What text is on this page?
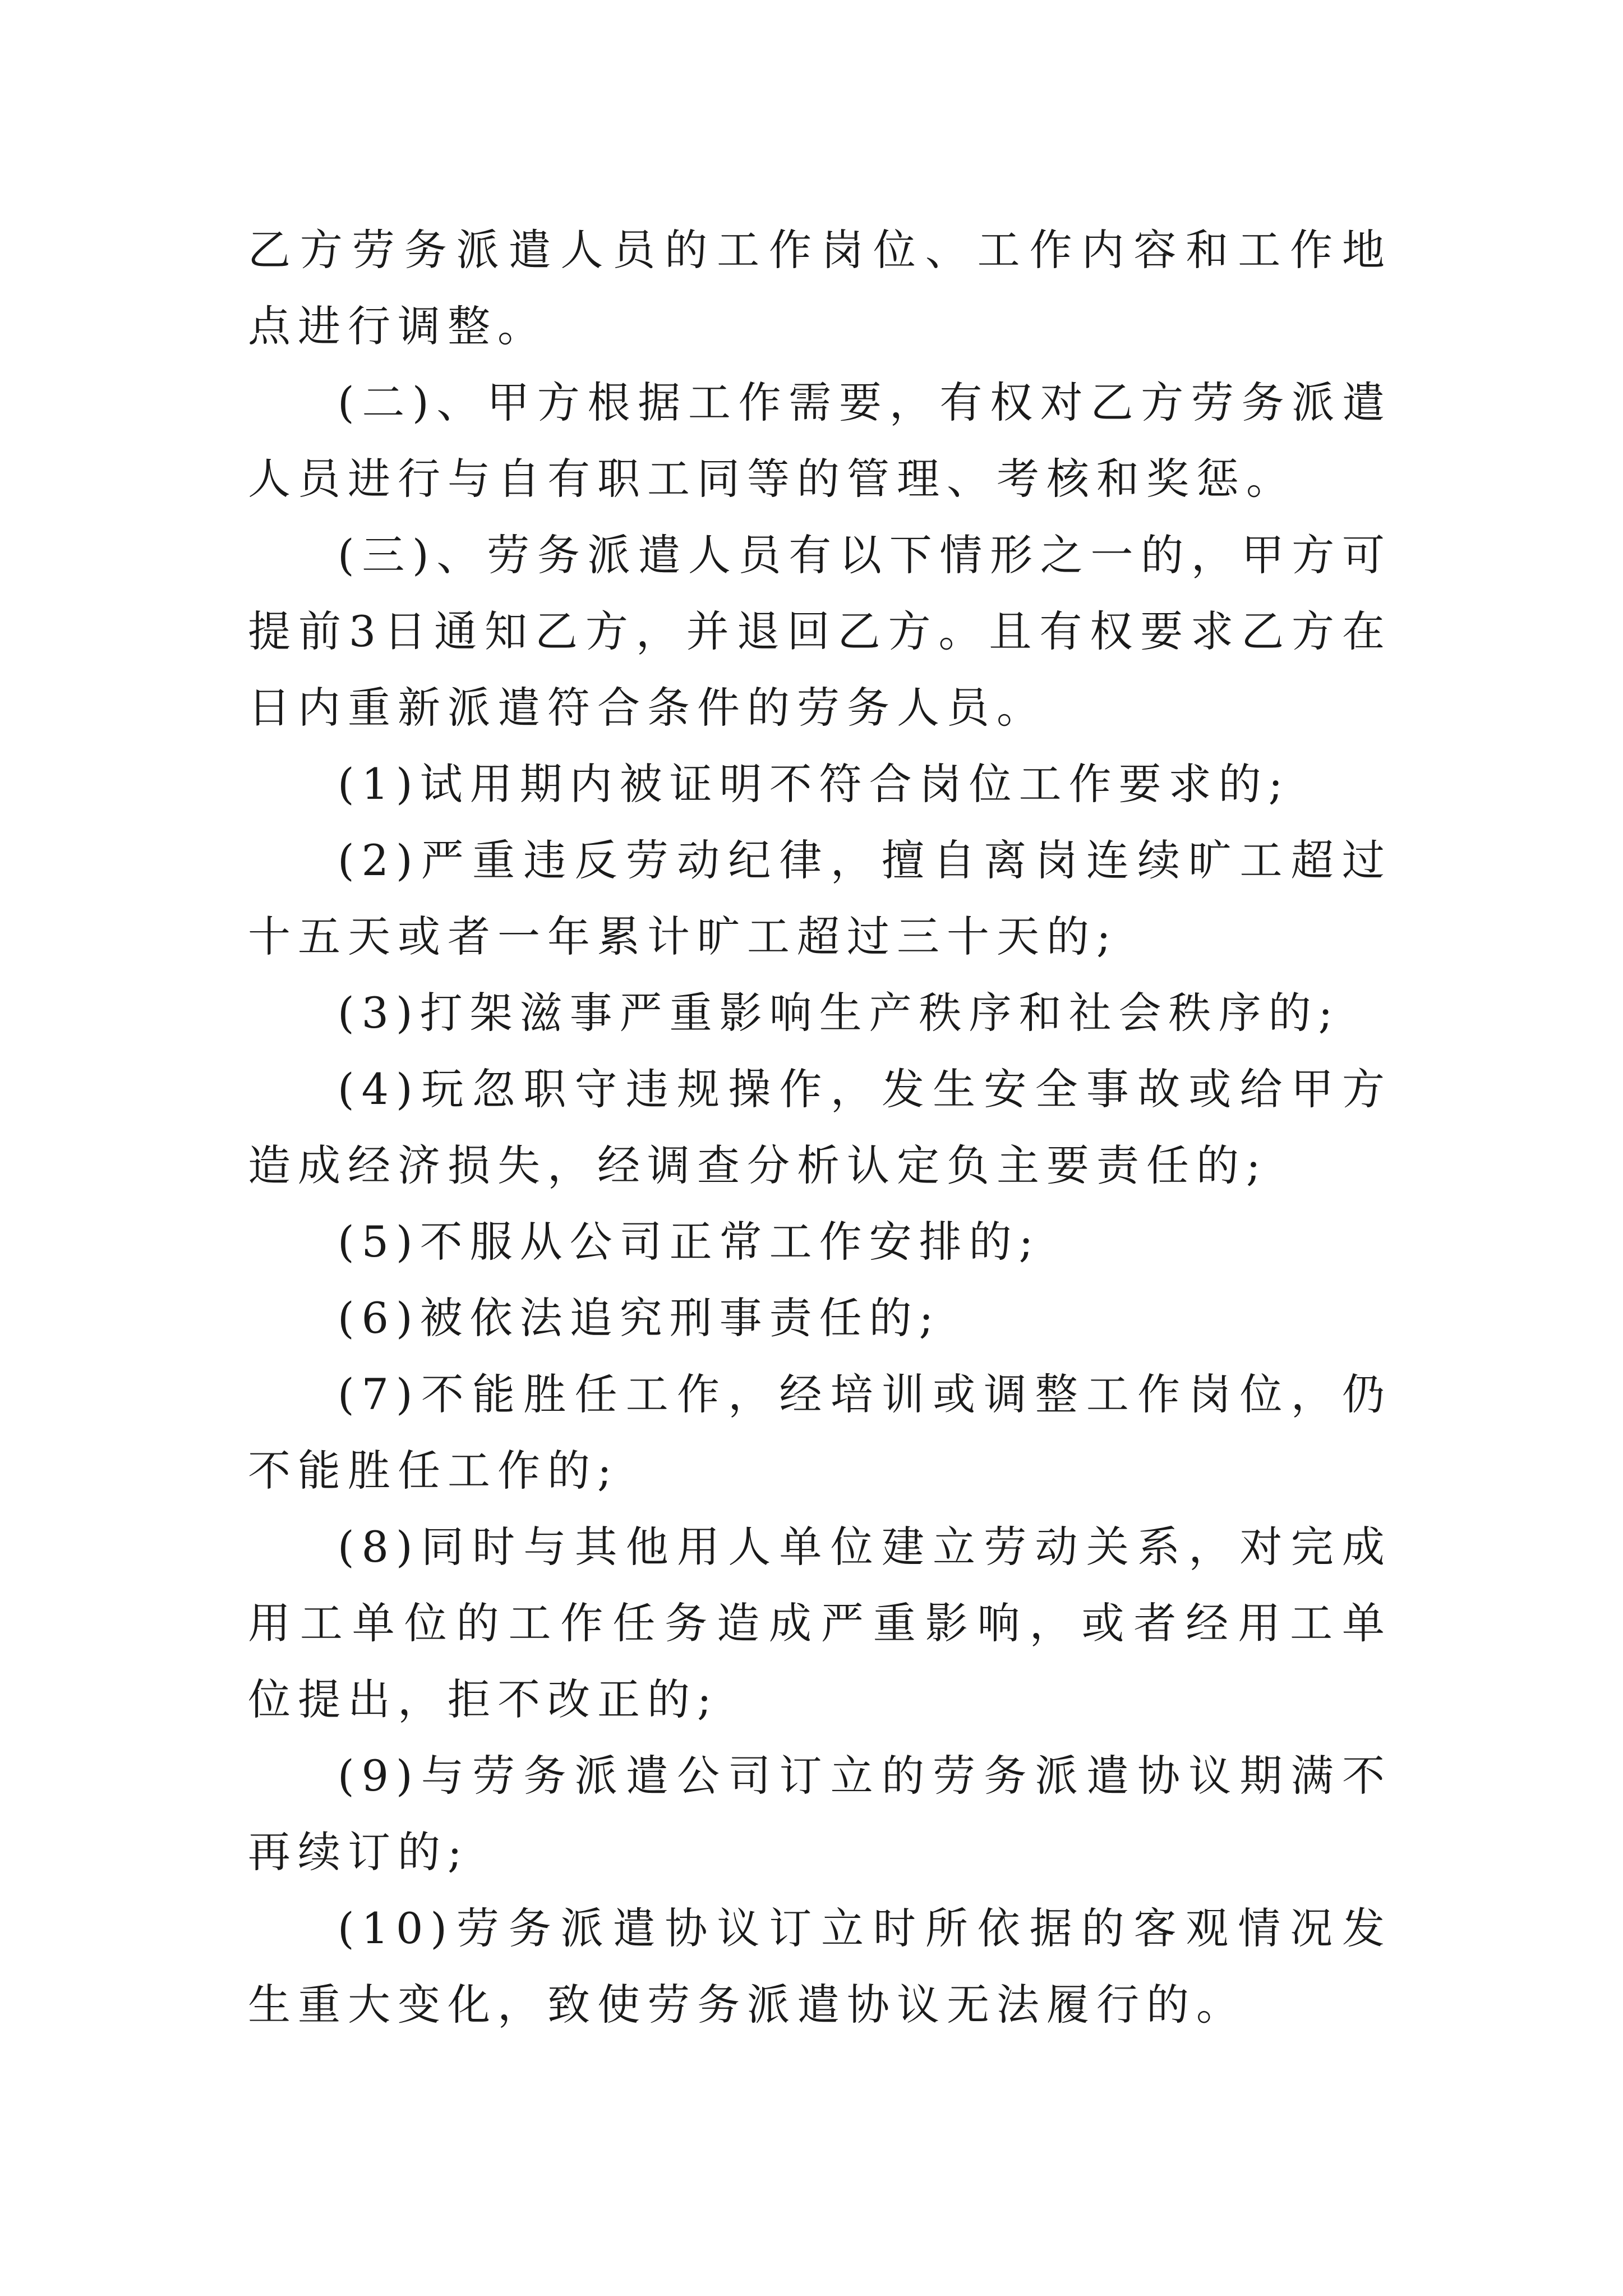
乙方劳务派遣人员的工作岗位、工作内容和工作地点进行调整。

(二)、甲方根据工作需要，有权对乙方劳务派遣人员进行与自有职工同等的管理、考核和奖惩。

(三)、劳务派遣人员有以下情形之一的，甲方可提前3日通知乙方，并退回乙方。且有权要求乙方在 日内重新派遣符合条件的劳务人员。

(1)试用期内被证明不符合岗位工作要求的;

(2)严重违反劳动纪律，擅自离岗连续旷工超过十五天或者一年累计旷工超过三十天的;

(3)打架滋事严重影响生产秩序和社会秩序的;

(4)玩忽职守违规操作，发生安全事故或给甲方造成经济损失，经调查分析认定负主要责任的;

(5)不服从公司正常工作安排的;

(6)被依法追究刑事责任的;

(7)不能胜任工作，经培训或调整工作岗位，仍不能胜任工作的;

(8)同时与其他用人单位建立劳动关系，对完成用工单位的工作任务造成严重影响，或者经用工单位提出，拒不改正的;

(9)与劳务派遣公司订立的劳务派遣协议期满不再续订的;

(10)劳务派遣协议订立时所依据的客观情况发生重大变化，致使劳务派遣协议无法履行的。
